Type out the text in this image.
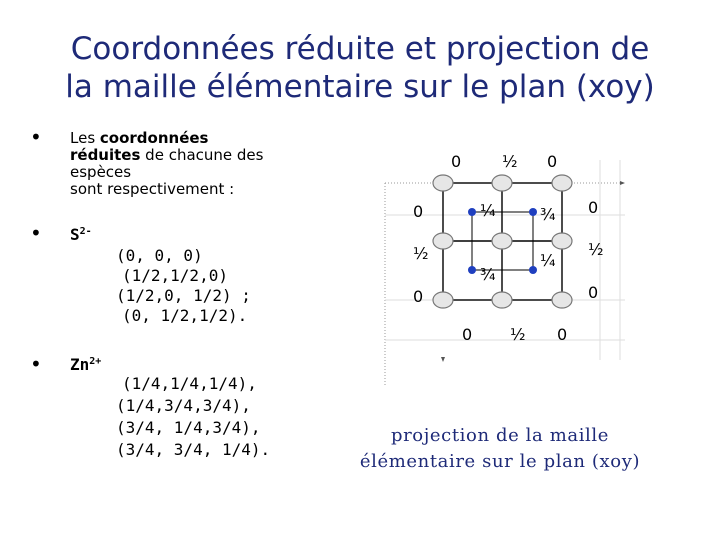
Coordonnées réduite et projection de
la maille élémentaire sur le plan (xoy)
• Les coordonnées
réduites de chacune des
espèces
sont respectivement :
• $S^{2-}$
(0, 0, 0)
(1/2,1/2,0)
(1/2,0, 1/2) ;
(0, 1/2,1/2).
• $Zn^{2+}$
(1/4,1/4,1/4),
(1/4,3/4,3/4),
(3/4, 1/4,3/4),
(3/4, 3/4, 1/4).
0	½ 0
0	0
½	½
0	0
¼	¾
¼
¾
0 ½ 0
projection de la maille
élémentaire sur le plan (xoy)
